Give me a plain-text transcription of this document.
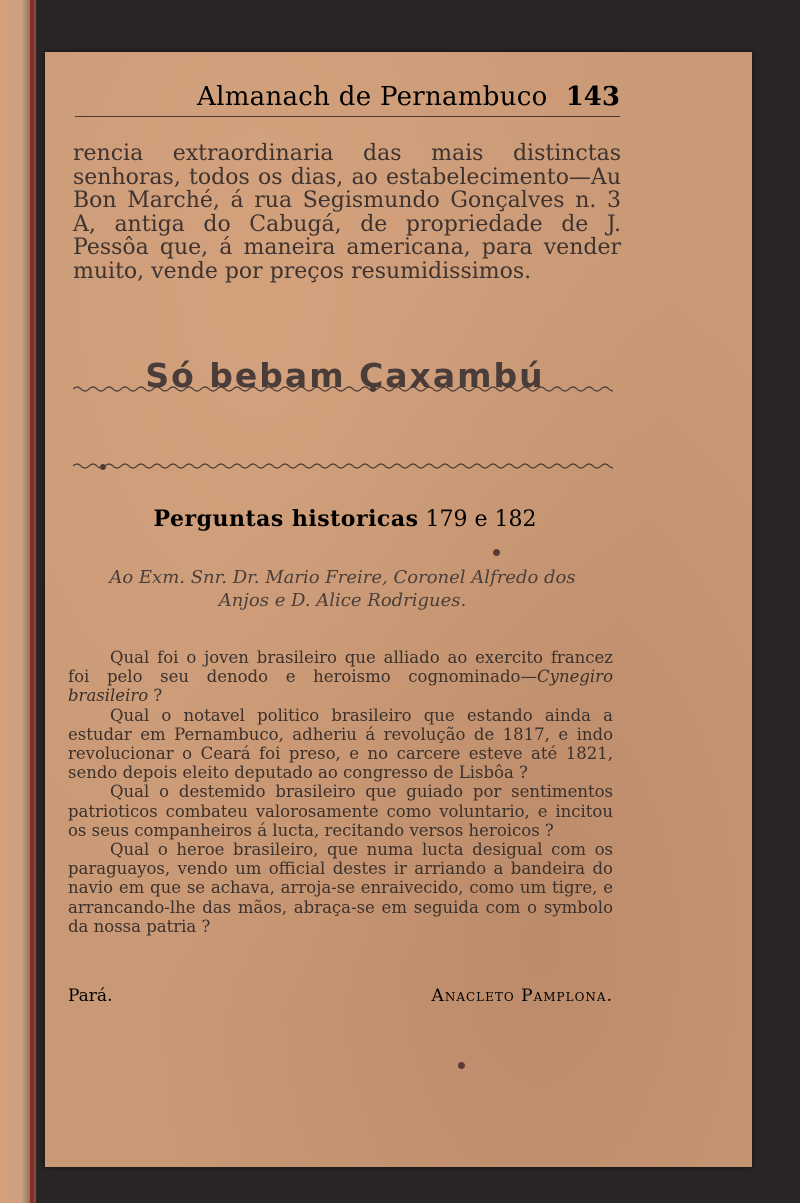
Almanach de Pernambuco 143
rencia extraordinaria das mais distinctas senhoras, todos os dias, ao estabelecimento—Au Bon Marché, á rua Segismundo Gonçalves n. 3 A, antiga do Cabugá, de propriedade de J. Pessôa que, á maneira americana, para vender muito, vende por preços resumidissimos.
Só bebam Caxambú
Perguntas historicas 179 e 182
Ao Exm. Snr. Dr. Mario Freire, Coronel Alfredo dos
Anjos e D. Alice Rodrigues.

Qual foi o joven brasileiro que alliado ao exercito francez foi pelo seu denodo e heroismo cognominado—Cynegiro brasileiro ?

Qual o notavel politico brasileiro que estando ainda a estudar em Pernambuco, adheriu á revolução de 1817, e indo revolucionar o Ceará foi preso, e no carcere esteve até 1821, sendo depois eleito deputado ao congresso de Lisbôa ?

Qual o destemido brasileiro que guiado por sentimentos patrioticos combateu valorosamente como voluntario, e incitou os seus companheiros á lucta, recitando versos heroicos ?

Qual o heroe brasileiro, que numa lucta desigual com os paraguayos, vendo um official destes ir arriando a bandeira do navio em que se achava, arroja-se enraivecido, como um tigre, e arrancando-lhe das mãos, abraça-se em seguida com o symbolo da nossa patria ?

Pará.	Anacleto Pamplona.
